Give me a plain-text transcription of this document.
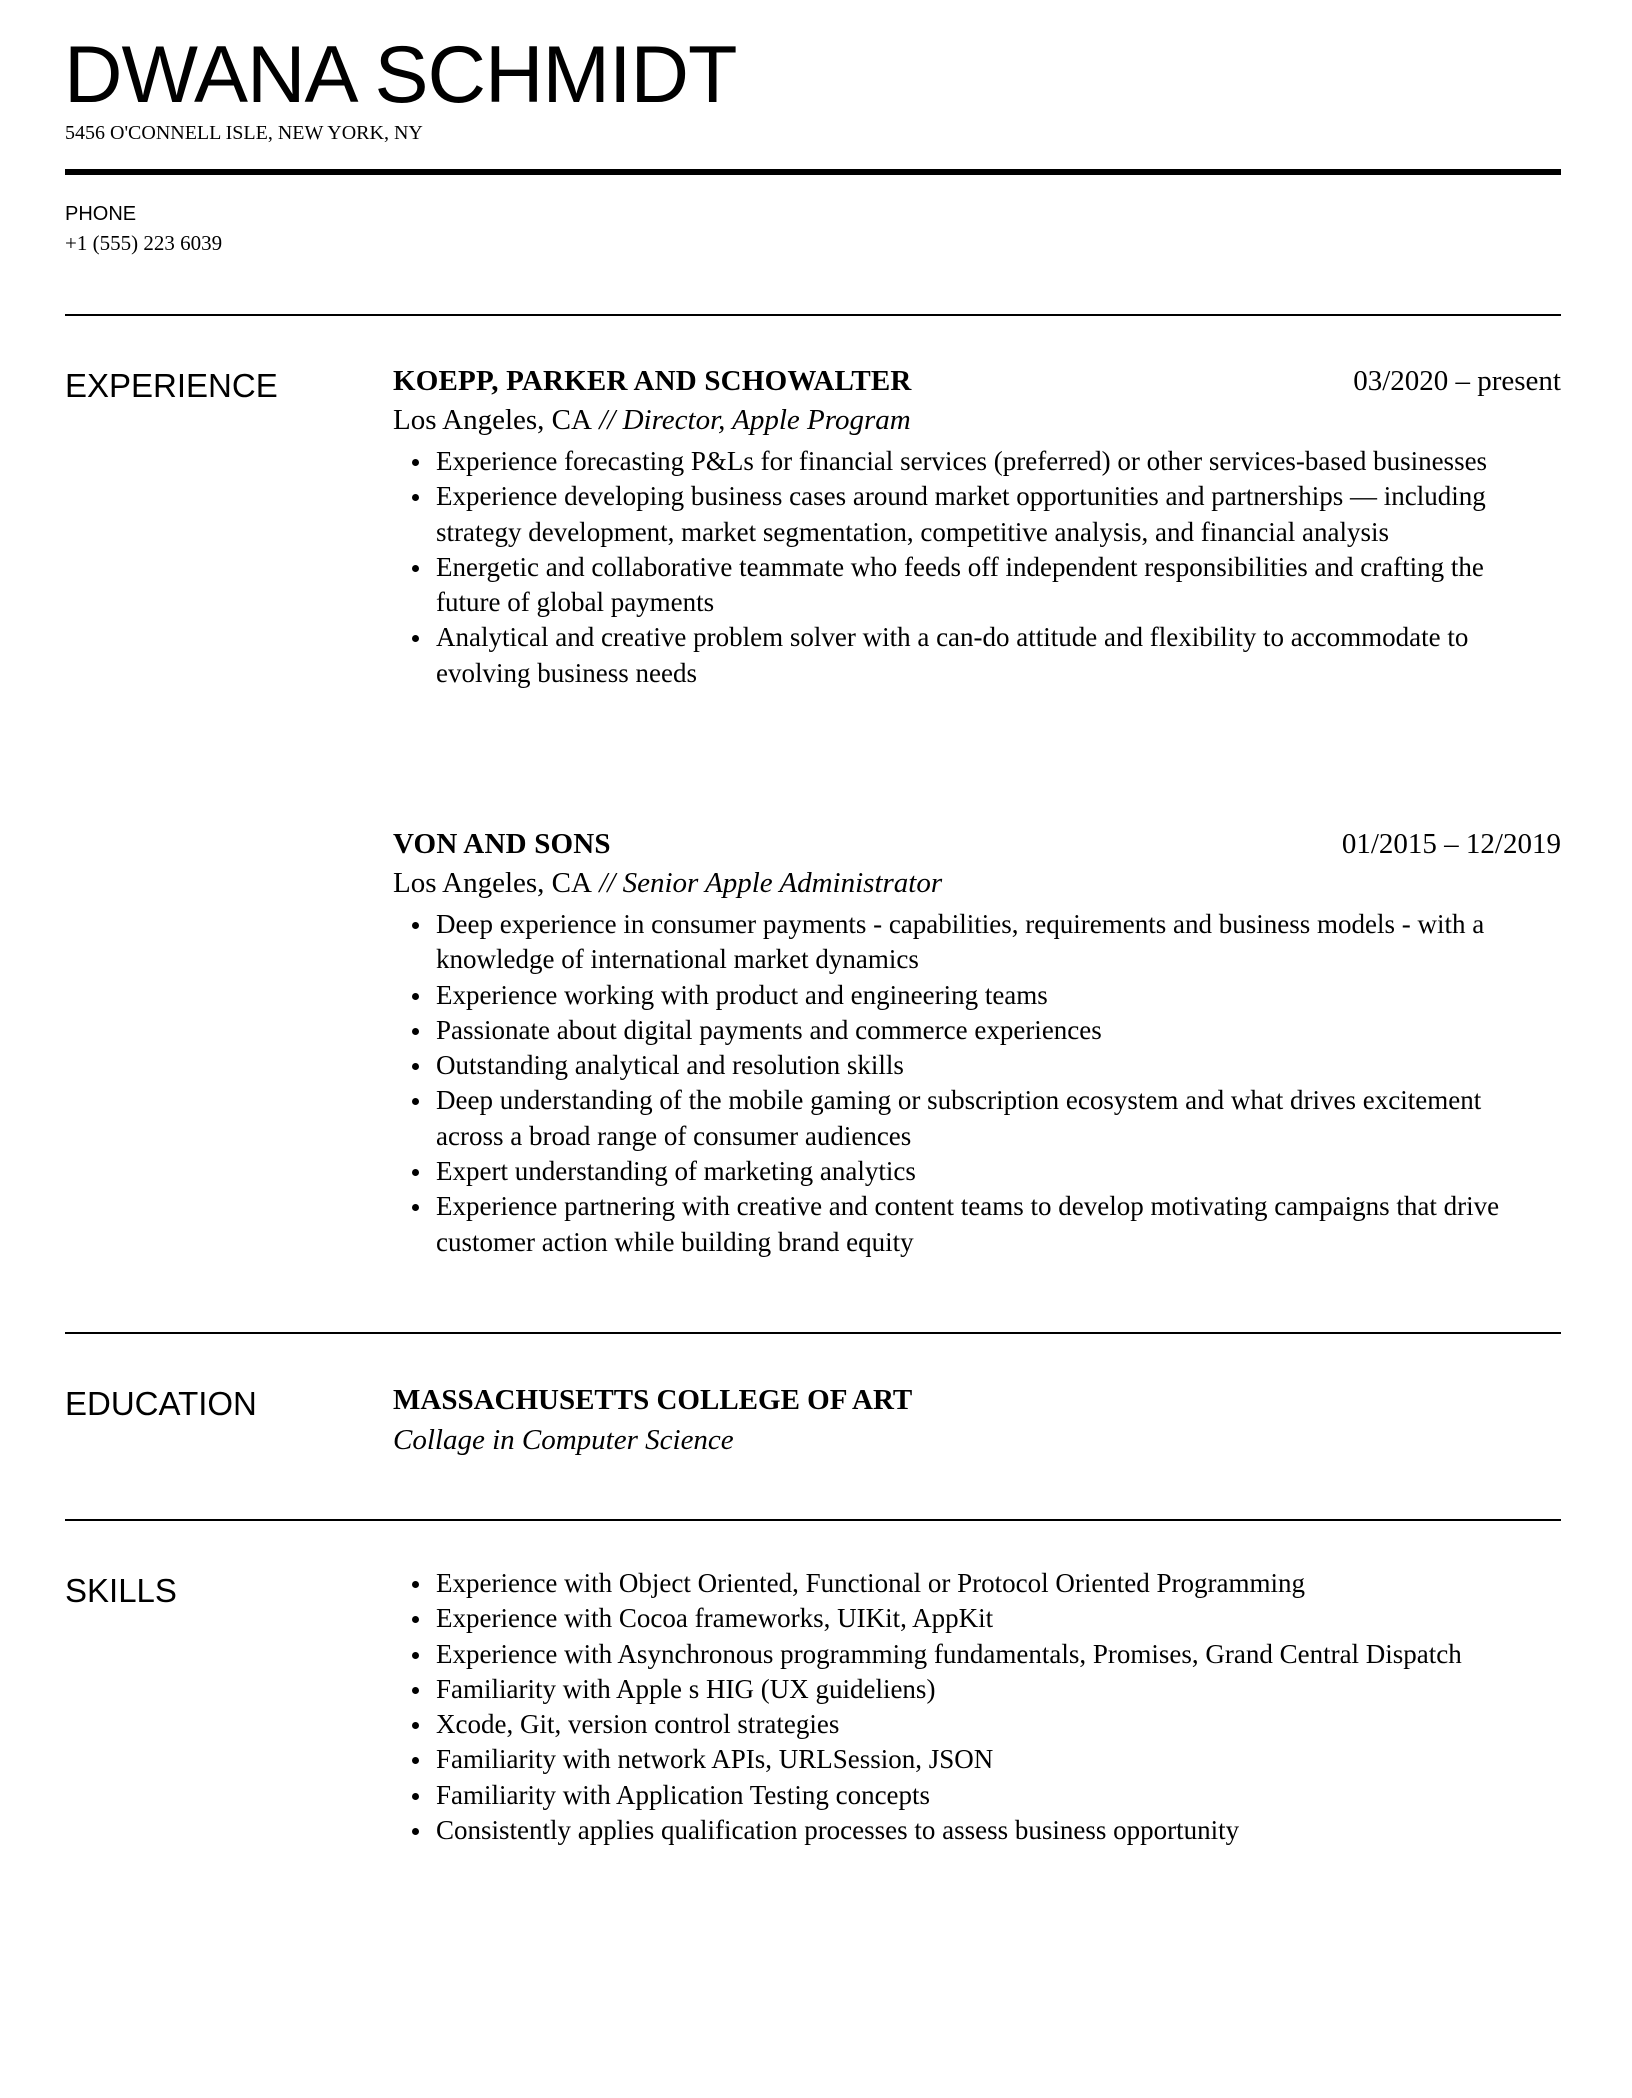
DWANA SCHMIDT
5456 O'CONNELL ISLE, NEW YORK, NY
PHONE
+1 (555) 223 6039
EXPERIENCE	KOEPP, PARKER AND SCHOWALTER	03/2020 – present
Los Angeles, CA // Director, Apple Program
Experience forecasting P&Ls for financial services (preferred) or other services-based businesses
Experience developing business cases around market opportunities and partnerships — including strategy development, market segmentation, competitive analysis, and financial analysis
Energetic and collaborative teammate who feeds off independent responsibilities and crafting the future of global payments
Analytical and creative problem solver with a can-do attitude and flexibility to accommodate to evolving business needs
VON AND SONS	01/2015 – 12/2019
Los Angeles, CA // Senior Apple Administrator
Deep experience in consumer payments - capabilities, requirements and business models - with a knowledge of international market dynamics
Experience working with product and engineering teams
Passionate about digital payments and commerce experiences
Outstanding analytical and resolution skills
Deep understanding of the mobile gaming or subscription ecosystem and what drives excitement across a broad range of consumer audiences
Expert understanding of marketing analytics
Experience partnering with creative and content teams to develop motivating campaigns that drive customer action while building brand equity
EDUCATION	MASSACHUSETTS COLLEGE OF ART
Collage in Computer Science
SKILLS	Experience with Object Oriented, Functional or Protocol Oriented Programming
Experience with Cocoa frameworks, UIKit, AppKit
Experience with Asynchronous programming fundamentals, Promises, Grand Central Dispatch
Familiarity with Apple s HIG (UX guideliens)
Xcode, Git, version control strategies
Familiarity with network APIs, URLSession, JSON
Familiarity with Application Testing concepts
Consistently applies qualification processes to assess business opportunity
